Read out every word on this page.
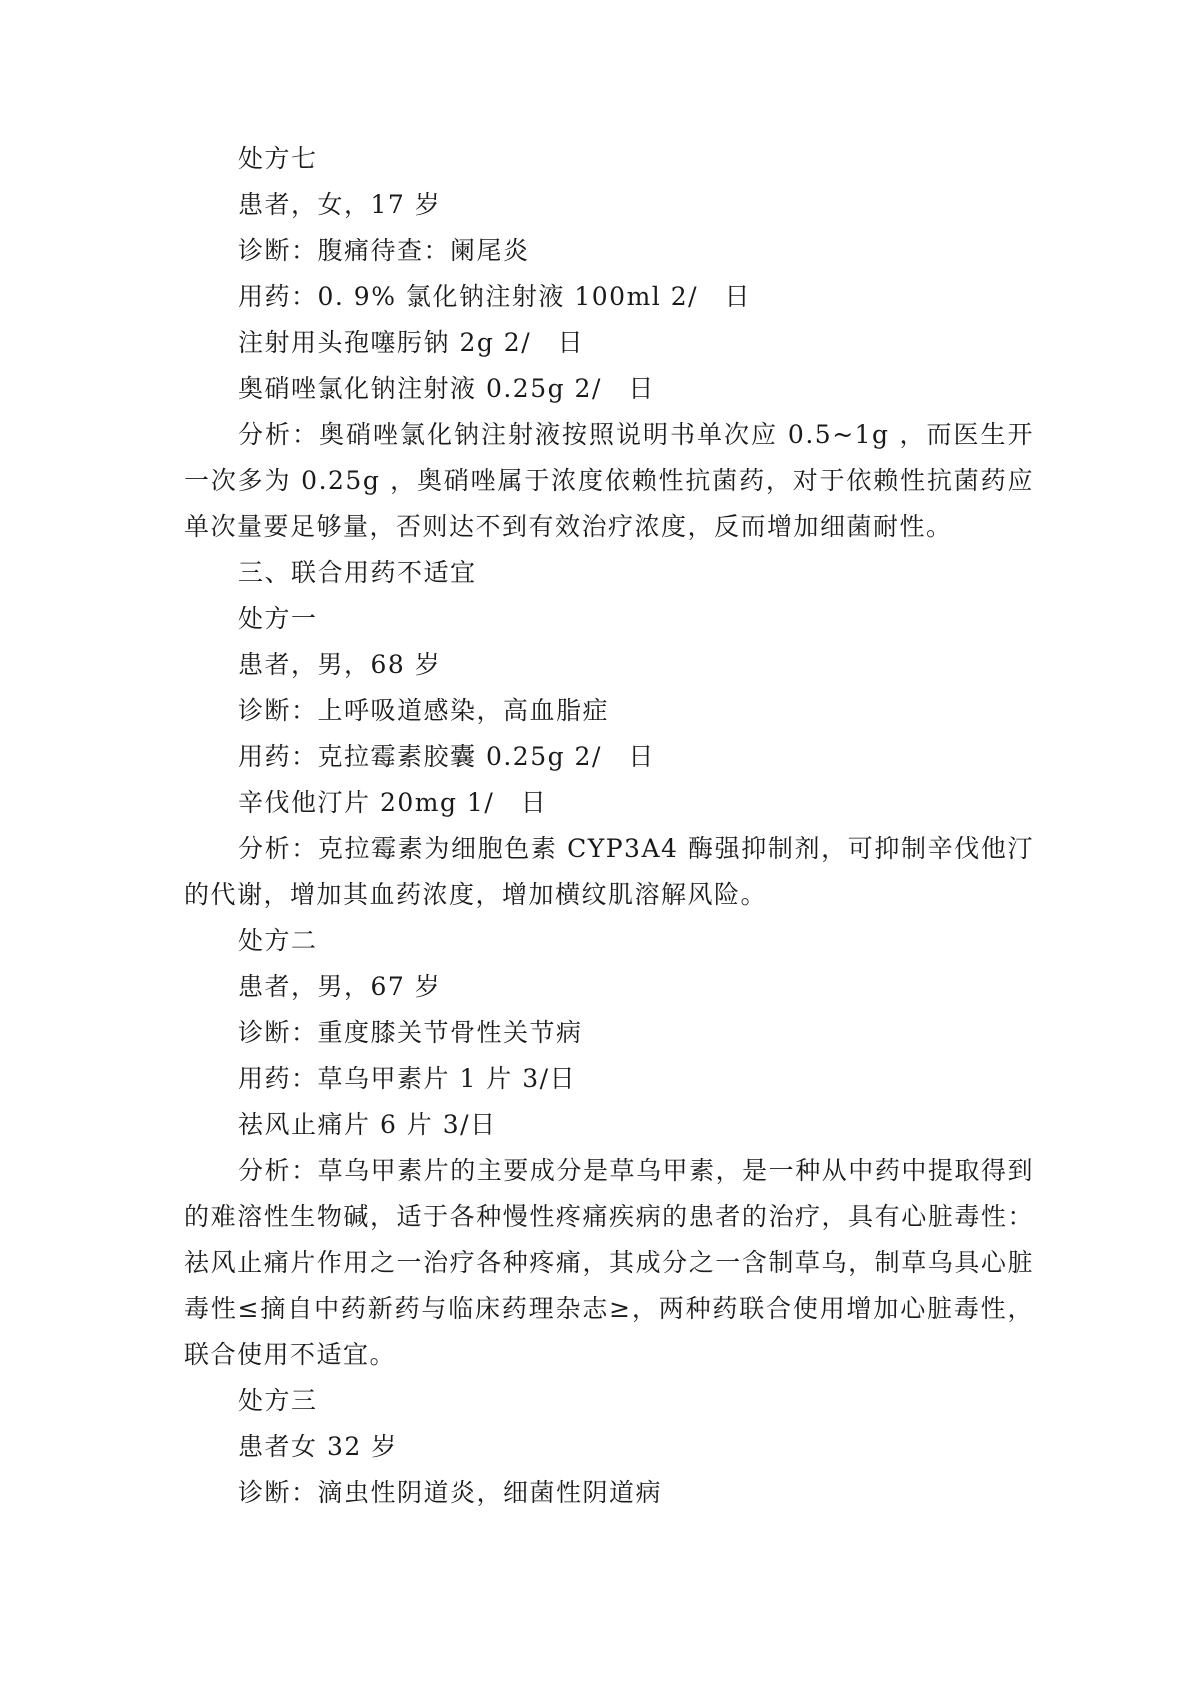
处方七
患者，女，17 岁
诊断：腹痛待查：阑尾炎
用药：0. 9% 氯化钠注射液 100ml 2/　日
注射用头孢噻肟钠 2g 2/　日
奥硝唑氯化钠注射液 0.25g 2/　日

分析：奥硝唑氯化钠注射液按照说明书单次应 0.5~1g ，而医生开一次多为 0.25g ，奥硝唑属于浓度依赖性抗菌药，对于依赖性抗菌药应单次量要足够量，否则达不到有效治疗浓度，反而增加细菌耐性。

三、联合用药不适宜
处方一
患者，男，68 岁
诊断：上呼吸道感染，高血脂症
用药：克拉霉素胶囊 0.25g 2/　日
辛伐他汀片 20mg 1/　日

分析：克拉霉素为细胞色素 CYP3A4 酶强抑制剂，可抑制辛伐他汀的代谢，增加其血药浓度，增加横纹肌溶解风险。

处方二
患者，男，67 岁
诊断：重度膝关节骨性关节病
用药：草乌甲素片 1 片 3/日
祛风止痛片 6 片 3/日

分析：草乌甲素片的主要成分是草乌甲素，是一种从中药中提取得到的难溶性生物碱，适于各种慢性疼痛疾病的患者的治疗，具有心脏毒性：祛风止痛片作用之一治疗各种疼痛，其成分之一含制草乌，制草乌具心脏毒性≤摘自中药新药与临床药理杂志≥，两种药联合使用增加心脏毒性，联合使用不适宜。

处方三
患者女 32 岁
诊断：滴虫性阴道炎，细菌性阴道病
